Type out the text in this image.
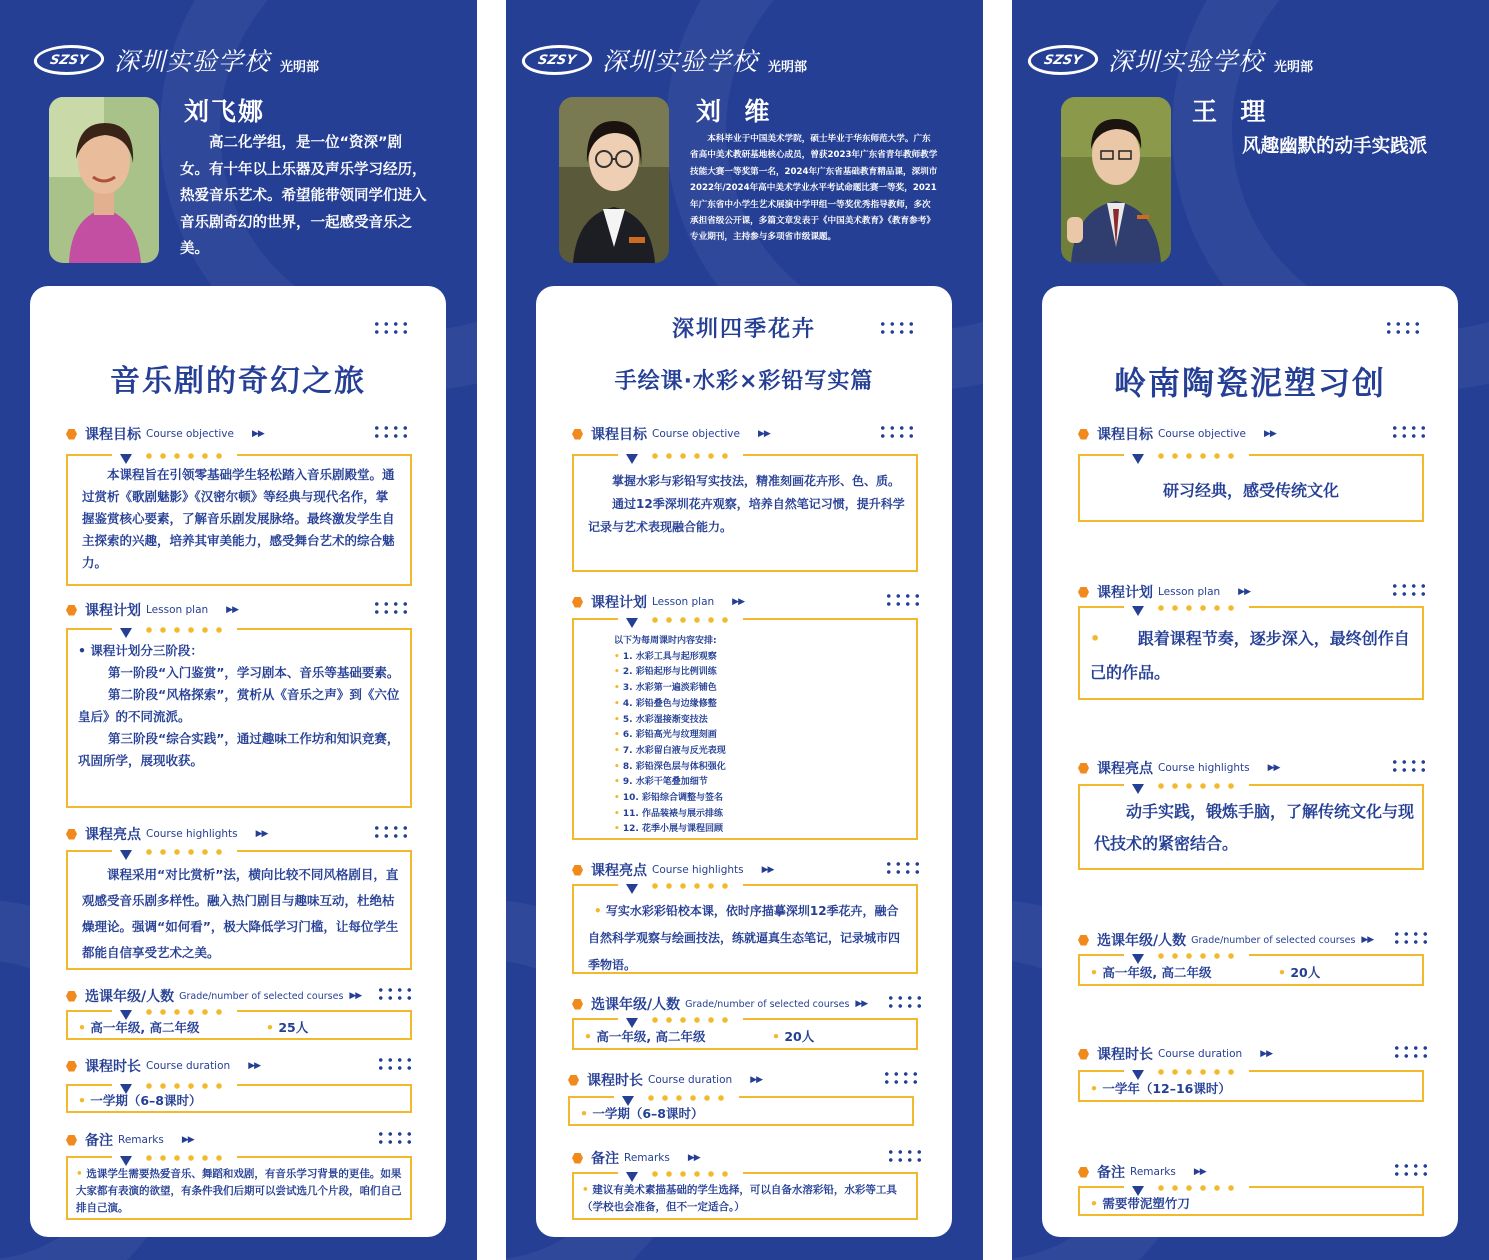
SZSY 深圳实验学校 光明部
刘飞娜
高二化学组，是一位“资深”剧女。有十年以上乐器及声乐学习经历，热爱音乐艺术。希望能带领同学们进入音乐剧奇幻的世界，一起感受音乐之美。
音乐剧的奇幻之旅
课程目标 Course objective ▶▶
本课程旨在引领零基础学生轻松踏入音乐剧殿堂。通过赏析《歌剧魅影》《汉密尔顿》等经典与现代名作，掌握鉴赏核心要素，了解音乐剧发展脉络。最终激发学生自主探索的兴趣，培养其审美能力，感受舞台艺术的综合魅力。
课程计划 Lesson plan ▶▶
• 课程计划分三阶段：
第一阶段“入门鉴赏”，学习剧本、音乐等基础要素。
第二阶段“风格探索”，赏析从《音乐之声》到《六位皇后》的不同流派。
第三阶段“综合实践”，通过趣味工作坊和知识竞赛，巩固所学，展现收获。
课程亮点 Course highlights ▶▶
课程采用“对比赏析”法，横向比较不同风格剧目，直观感受音乐剧多样性。融入热门剧目与趣味互动，杜绝枯燥理论。强调“如何看”，极大降低学习门槛，让每位学生都能自信享受艺术之美。
选课年级/人数 Grade/number of selected courses ▶▶
• 高一年级, 高二年级	• 25人
课程时长 Course duration ▶▶
• 一学期（6–8课时）
备注 Remarks ▶▶
• 选课学生需要热爱音乐、舞蹈和戏剧，有音乐学习背景的更佳。如果大家都有表演的欲望，有条件我们后期可以尝试选几个片段，咱们自己排自己演。
SZSY 深圳实验学校 光明部
刘  维
本科毕业于中国美术学院，硕士毕业于华东师范大学。广东省高中美术教研基地核心成员，曾获2023年广东省青年教师教学技能大赛一等奖第一名，2024年广东省基础教育精品课，深圳市2022年/2024年高中美术学业水平考试命题比赛一等奖，2021年广东省中小学生艺术展演中学甲组一等奖优秀指导教师，多次承担省级公开课，多篇文章发表于《中国美术教育》《教育参考》专业期刊，主持参与多项省市级课题。
深圳四季花卉
手绘课·水彩×彩铅写实篇
课程目标 Course objective ▶▶
掌握水彩与彩铅写实技法，精准刻画花卉形、色、质。
通过12季深圳花卉观察，培养自然笔记习惯，提升科学记录与艺术表现融合能力。
课程计划 Lesson plan ▶▶
以下为每周课时内容安排:
• 1. 水彩工具与起形观察
• 2. 彩铅起形与比例训练
• 3. 水彩第一遍淡彩铺色
• 4. 彩铅叠色与边缘修整
• 5. 水彩湿接渐变技法
• 6. 彩铅高光与纹理刻画
• 7. 水彩留白液与反光表现
• 8. 彩铅深色层与体积强化
• 9. 水彩干笔叠加细节
• 10. 彩铅综合调整与签名
• 11. 作品装裱与展示排练
• 12. 花季小展与课程回顾
课程亮点 Course highlights ▶▶
• 写实水彩彩铅校本课，依时序描摹深圳12季花卉，融合自然科学观察与绘画技法，练就逼真生态笔记，记录城市四季物语。
选课年级/人数 Grade/number of selected courses ▶▶
• 高一年级, 高二年级	• 20人
课程时长 Course duration ▶▶
• 一学期（6–8课时）
备注 Remarks ▶▶
• 建议有美术素描基础的学生选择，可以自备水溶彩铅，水彩等工具（学校也会准备，但不一定适合。）
SZSY 深圳实验学校 光明部
王  理
风趣幽默的动手实践派
岭南陶瓷泥塑习创
课程目标 Course objective ▶▶
研习经典，感受传统文化
课程计划 Lesson plan ▶▶
• 跟着课程节奏，逐步深入，最终创作自己的作品。
课程亮点 Course highlights ▶▶
动手实践，锻炼手脑，了解传统文化与现代技术的紧密结合。
选课年级/人数 Grade/number of selected courses ▶▶
• 高一年级, 高二年级	• 20人
课程时长 Course duration ▶▶
• 一学年（12–16课时）
备注 Remarks ▶▶
• 需要带泥塑竹刀
